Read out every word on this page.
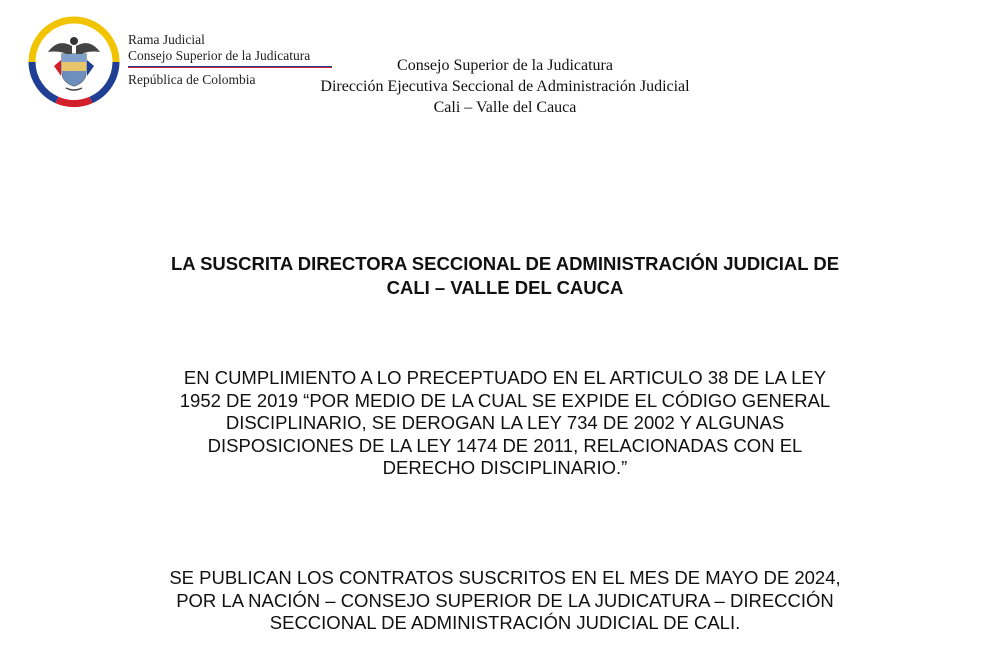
Rama Judicial
Consejo Superior de la Judicatura
República de Colombia
Consejo Superior de la Judicatura
Dirección Ejecutiva Seccional de Administración Judicial
Cali – Valle del Cauca
LA SUSCRITA DIRECTORA SECCIONAL DE ADMINISTRACIÓN JUDICIAL DE
CALI – VALLE DEL CAUCA
EN CUMPLIMIENTO A LO PRECEPTUADO EN EL ARTICULO 38 DE LA LEY
1952 DE 2019 “POR MEDIO DE LA CUAL SE EXPIDE EL CÓDIGO GENERAL
DISCIPLINARIO, SE DEROGAN LA LEY 734 DE 2002 Y ALGUNAS
DISPOSICIONES DE LA LEY 1474 DE 2011, RELACIONADAS CON EL
DERECHO DISCIPLINARIO.”
SE PUBLICAN LOS CONTRATOS SUSCRITOS EN EL MES DE MAYO DE 2024,
POR LA NACIÓN – CONSEJO SUPERIOR DE LA JUDICATURA – DIRECCIÓN
SECCIONAL DE ADMINISTRACIÓN JUDICIAL DE CALI.
